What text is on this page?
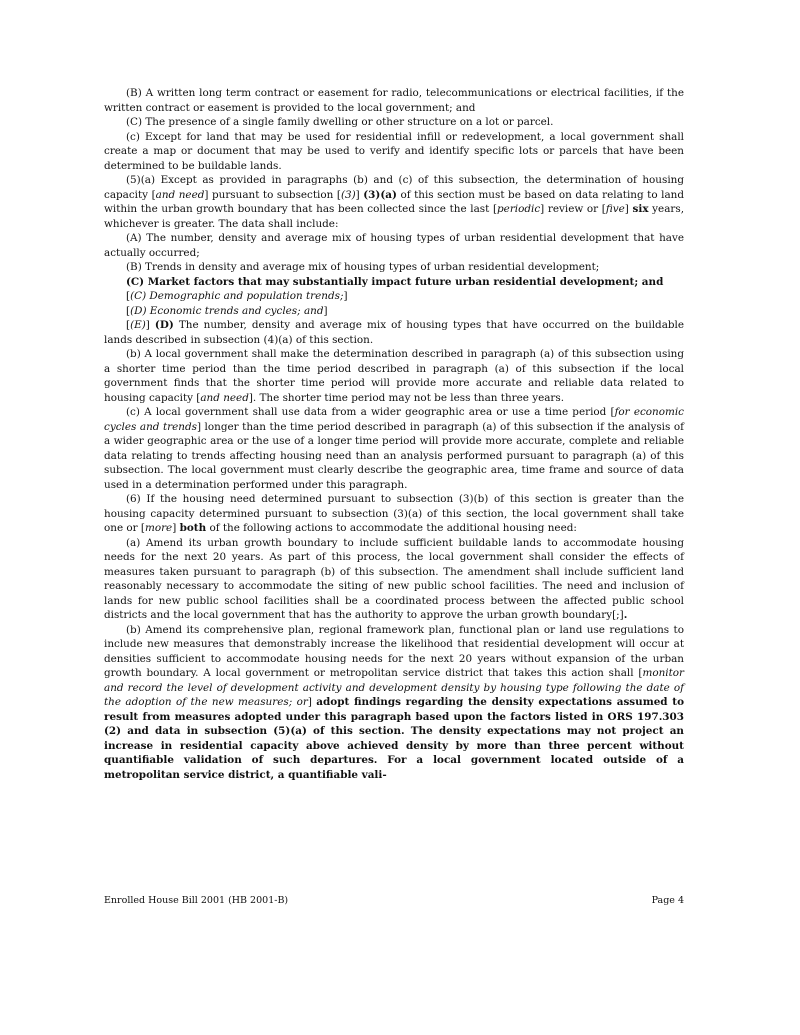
(B) A written long term contract or easement for radio, telecommunications or electrical facilities, if the written contract or easement is provided to the local government; and

(C) The presence of a single family dwelling or other structure on a lot or parcel.

(c) Except for land that may be used for residential infill or redevelopment, a local government shall create a map or document that may be used to verify and identify specific lots or parcels that have been determined to be buildable lands.

(5)(a) Except as provided in paragraphs (b) and (c) of this subsection, the determination of housing capacity [and need] pursuant to subsection [(3)] (3)(a) of this section must be based on data relating to land within the urban growth boundary that has been collected since the last [periodic] review or [five] six years, whichever is greater. The data shall include:

(A) The number, density and average mix of housing types of urban residential development that have actually occurred;

(B) Trends in density and average mix of housing types of urban residential development;

(C) Market factors that may substantially impact future urban residential development; and

[(C) Demographic and population trends;]

[(D) Economic trends and cycles; and]

[(E)] (D) The number, density and average mix of housing types that have occurred on the buildable lands described in subsection (4)(a) of this section.

(b) A local government shall make the determination described in paragraph (a) of this subsection using a shorter time period than the time period described in paragraph (a) of this subsection if the local government finds that the shorter time period will provide more accurate and reliable data related to housing capacity [and need]. The shorter time period may not be less than three years.

(c) A local government shall use data from a wider geographic area or use a time period [for economic cycles and trends] longer than the time period described in paragraph (a) of this subsection if the analysis of a wider geographic area or the use of a longer time period will provide more accurate, complete and reliable data relating to trends affecting housing need than an analysis performed pursuant to paragraph (a) of this subsection. The local government must clearly describe the geographic area, time frame and source of data used in a determination performed under this paragraph.

(6) If the housing need determined pursuant to subsection (3)(b) of this section is greater than the housing capacity determined pursuant to subsection (3)(a) of this section, the local government shall take one or [more] both of the following actions to accommodate the additional housing need:

(a) Amend its urban growth boundary to include sufficient buildable lands to accommodate housing needs for the next 20 years. As part of this process, the local government shall consider the effects of measures taken pursuant to paragraph (b) of this subsection. The amendment shall include sufficient land reasonably necessary to accommodate the siting of new public school facilities. The need and inclusion of lands for new public school facilities shall be a coordinated process between the affected public school districts and the local government that has the authority to approve the urban growth boundary[;].

(b) Amend its comprehensive plan, regional framework plan, functional plan or land use regulations to include new measures that demonstrably increase the likelihood that residential development will occur at densities sufficient to accommodate housing needs for the next 20 years without expansion of the urban growth boundary. A local government or metropolitan service district that takes this action shall [monitor and record the level of development activity and development density by housing type following the date of the adoption of the new measures; or] adopt findings regarding the density expectations assumed to result from measures adopted under this paragraph based upon the factors listed in ORS 197.303 (2) and data in subsection (5)(a) of this section. The density expectations may not project an increase in residential capacity above achieved density by more than three percent without quantifiable validation of such departures. For a local government located outside of a metropolitan service district, a quantifiable vali-

Enrolled House Bill 2001 (HB 2001-B)	Page 4
